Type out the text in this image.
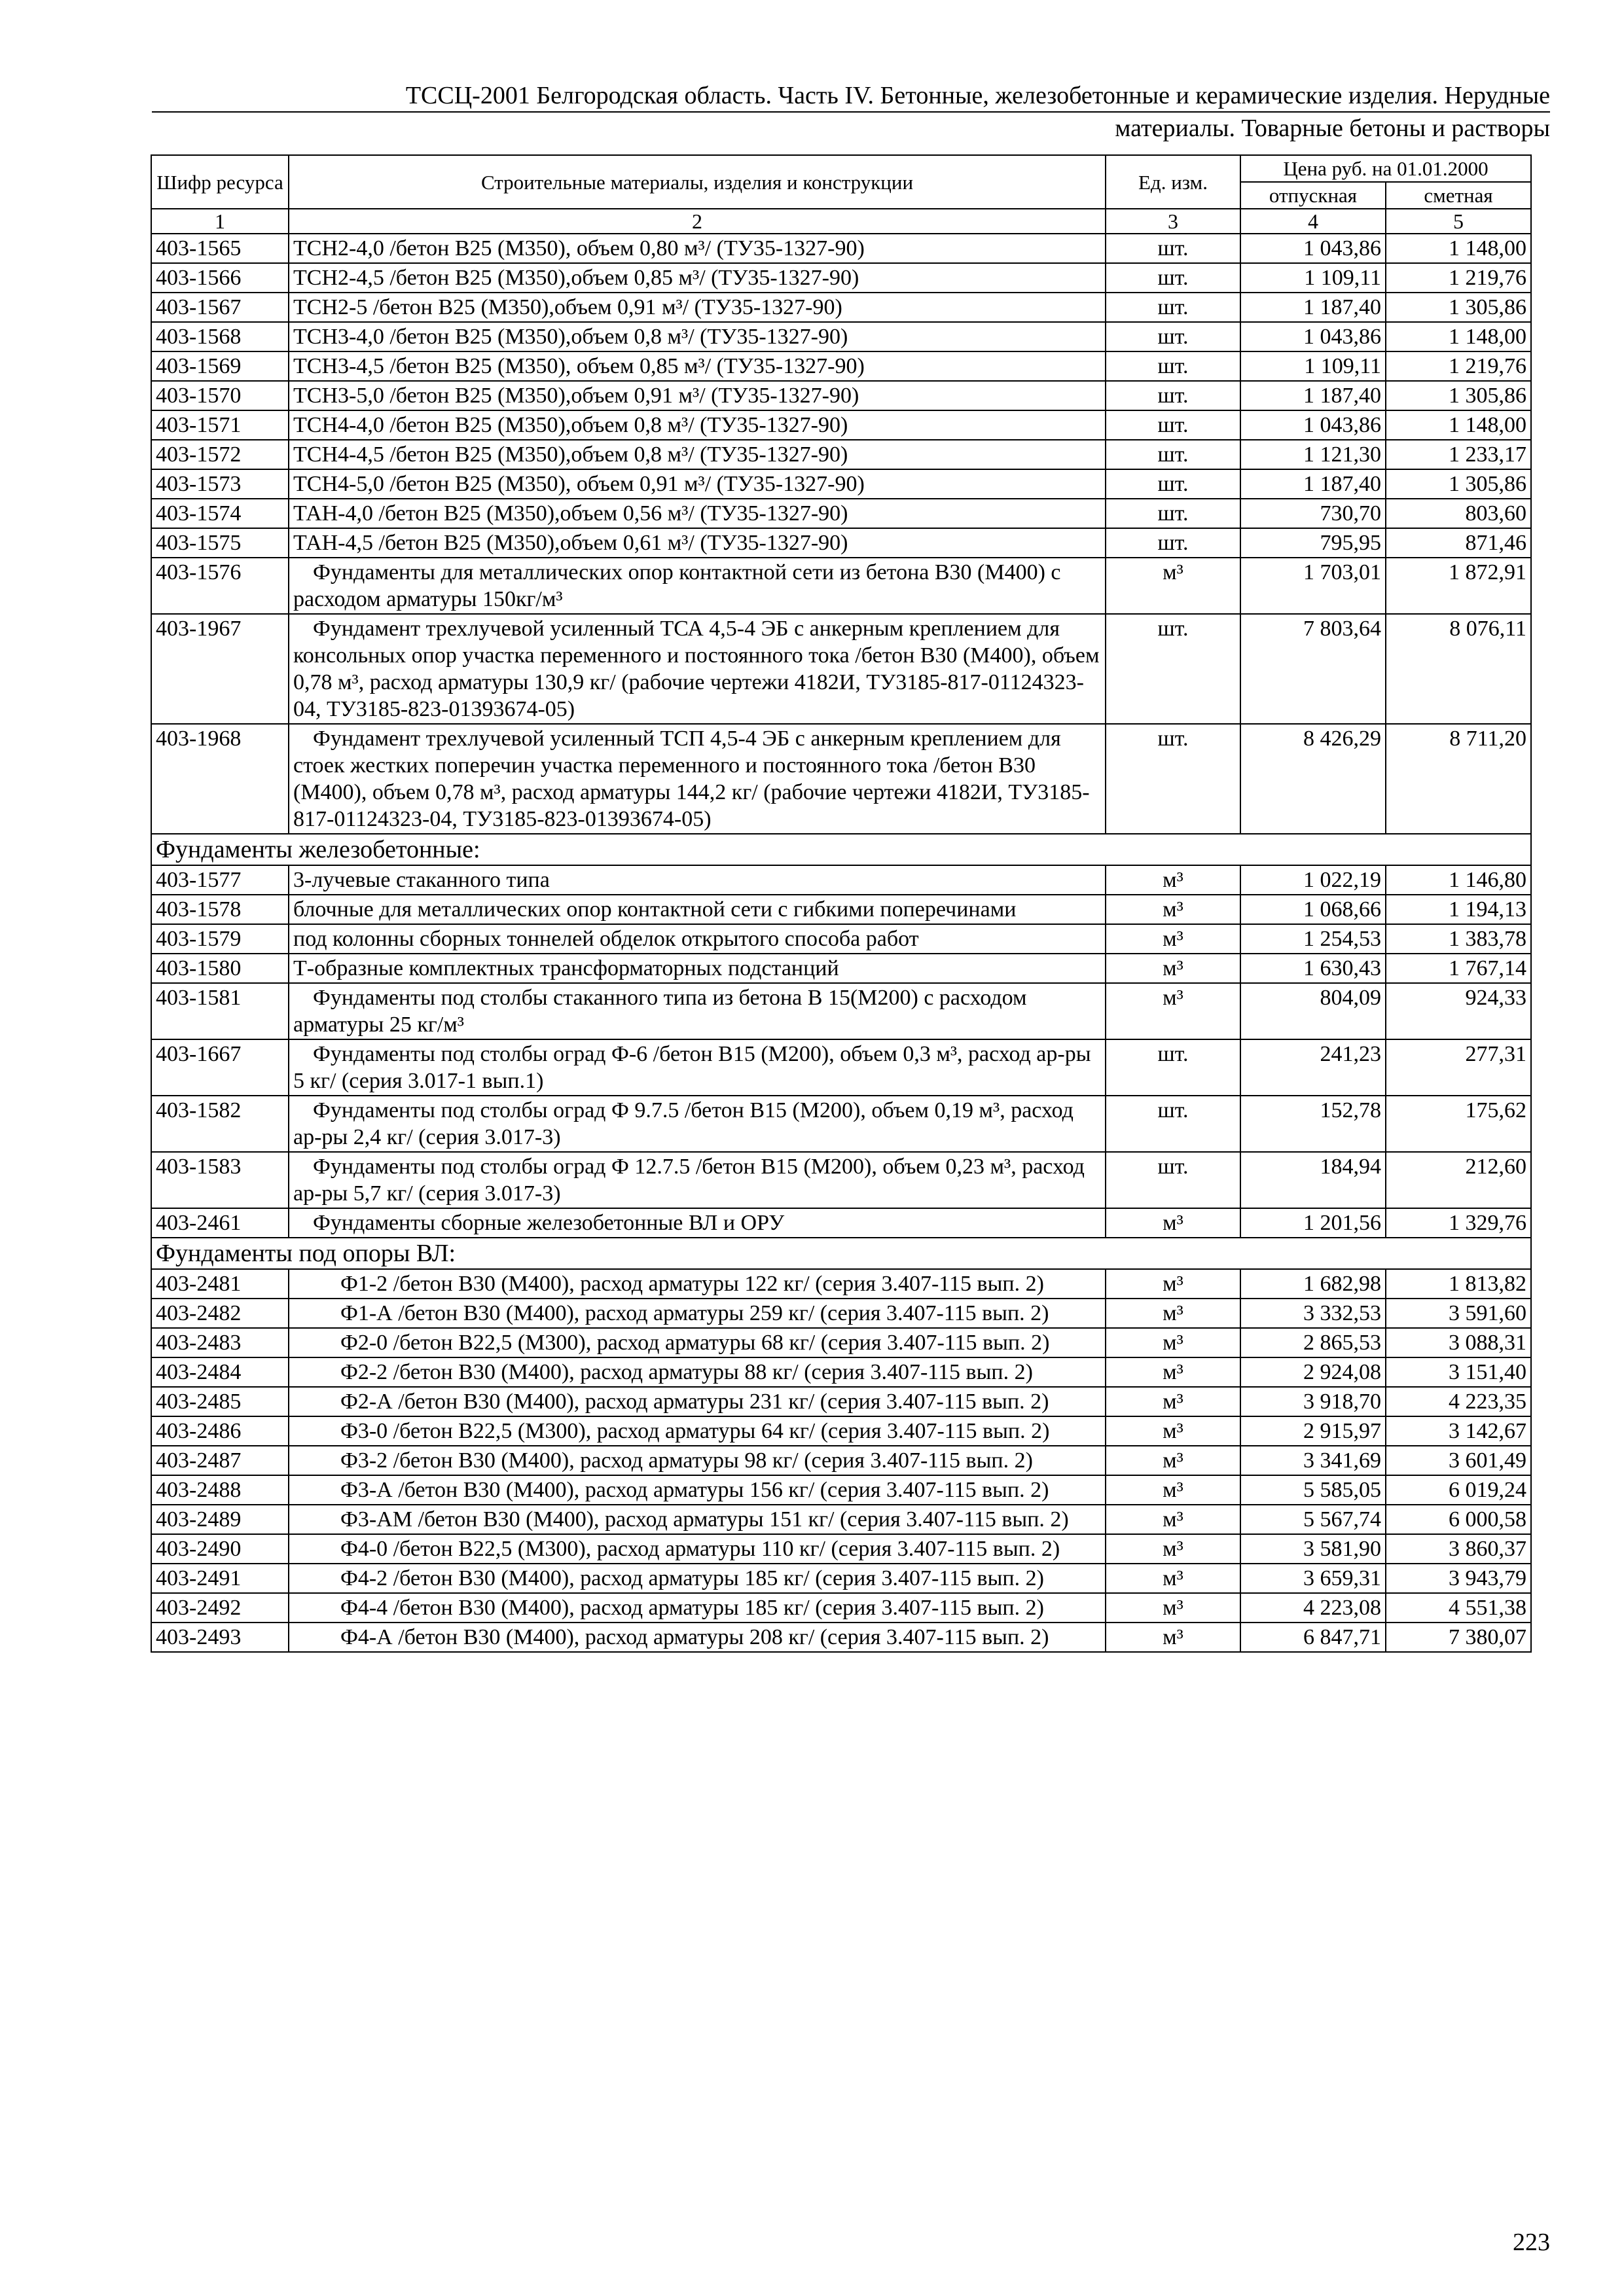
ТССЦ-2001 Белгородская область. Часть IV. Бетонные, железобетонные и керамические изделия. Нерудные
материалы. Товарные бетоны и растворы
Шифр ресурса	Строительные материалы, изделия и конструкции	Ед. изм.	Цена руб. на 01.01.2000	
			отпускная	сметная
1	2	3	4	5
403-1565	ТСН2-4,0 /бетон В25 (М350), объем 0,80 м³/ (ТУ35-1327-90)	шт.	1 043,86	1 148,00
403-1566	ТСН2-4,5 /бетон В25 (М350),объем 0,85 м³/ (ТУ35-1327-90)	шт.	1 109,11	1 219,76
403-1567	ТСН2-5 /бетон В25 (М350),объем 0,91 м³/ (ТУ35-1327-90)	шт.	1 187,40	1 305,86
403-1568	ТСН3-4,0 /бетон В25 (М350),объем 0,8 м³/ (ТУ35-1327-90)	шт.	1 043,86	1 148,00
403-1569	ТСН3-4,5 /бетон В25 (М350), объем 0,85 м³/ (ТУ35-1327-90)	шт.	1 109,11	1 219,76
403-1570	ТСН3-5,0 /бетон В25 (М350),объем 0,91 м³/ (ТУ35-1327-90)	шт.	1 187,40	1 305,86
403-1571	ТСН4-4,0 /бетон В25 (М350),объем 0,8 м³/ (ТУ35-1327-90)	шт.	1 043,86	1 148,00
403-1572	ТСН4-4,5 /бетон В25 (М350),объем 0,8 м³/ (ТУ35-1327-90)	шт.	1 121,30	1 233,17
403-1573	ТСН4-5,0 /бетон В25 (М350), объем 0,91 м³/ (ТУ35-1327-90)	шт.	1 187,40	1 305,86
403-1574	ТАН-4,0 /бетон В25 (М350),объем 0,56 м³/ (ТУ35-1327-90)	шт.	730,70	803,60
403-1575	ТАН-4,5 /бетон В25 (М350),объем 0,61 м³/ (ТУ35-1327-90)	шт.	795,95	871,46
403-1576	Фундаменты для металлических опор контактной сети из бетона В30 (М400) с расходом арматуры 150кг/м³	м³	1 703,01	1 872,91
403-1967	Фундамент трехлучевой усиленный ТСА 4,5-4 ЭБ с анкерным креплением для консольных опор участка переменного и постоянного тока /бетон В30 (М400), объем 0,78 м³, расход арматуры 130,9 кг/ (рабочие чертежи 4182И, ТУ3185-817-01124323-04, ТУ3185-823-01393674-05)	шт.	7 803,64	8 076,11
403-1968	Фундамент трехлучевой усиленный ТСП 4,5-4 ЭБ с анкерным креплением для стоек жестких поперечин участка переменного и постоянного тока /бетон В30 (М400), объем 0,78 м³, расход арматуры 144,2 кг/ (рабочие чертежи 4182И, ТУ3185-817-01124323-04, ТУ3185-823-01393674-05)	шт.	8 426,29	8 711,20
Фундаменты железобетонные:				
403-1577	3-лучевые стаканного типа	м³	1 022,19	1 146,80
403-1578	блочные для металлических опор контактной сети с гибкими поперечинами	м³	1 068,66	1 194,13
403-1579	под колонны сборных тоннелей обделок открытого способа работ	м³	1 254,53	1 383,78
403-1580	Т-образные комплектных трансформаторных подстанций	м³	1 630,43	1 767,14
403-1581	Фундаменты под столбы стаканного типа из бетона В 15(М200) с расходом арматуры 25 кг/м³	м³	804,09	924,33
403-1667	Фундаменты под столбы оград Ф-6 /бетон В15 (М200), объем 0,3 м³, расход ар-ры 5 кг/ (серия 3.017-1 вып.1)	шт.	241,23	277,31
403-1582	Фундаменты под столбы оград Ф 9.7.5 /бетон В15 (М200), объем 0,19 м³, расход ар-ры 2,4 кг/ (серия 3.017-3)	шт.	152,78	175,62
403-1583	Фундаменты под столбы оград Ф 12.7.5 /бетон В15 (М200), объем 0,23 м³, расход ар-ры 5,7 кг/ (серия 3.017-3)	шт.	184,94	212,60
403-2461	Фундаменты сборные железобетонные ВЛ и ОРУ	м³	1 201,56	1 329,76
Фундаменты под опоры ВЛ:				
403-2481	Ф1-2 /бетон В30 (М400), расход арматуры 122 кг/ (серия 3.407-115 вып. 2)	м³	1 682,98	1 813,82
403-2482	Ф1-А /бетон В30 (М400), расход арматуры 259 кг/ (серия 3.407-115 вып. 2)	м³	3 332,53	3 591,60
403-2483	Ф2-0 /бетон В22,5 (М300), расход арматуры 68 кг/ (серия 3.407-115 вып. 2)	м³	2 865,53	3 088,31
403-2484	Ф2-2 /бетон В30 (М400), расход арматуры 88 кг/ (серия 3.407-115 вып. 2)	м³	2 924,08	3 151,40
403-2485	Ф2-А /бетон В30 (М400), расход арматуры 231 кг/ (серия 3.407-115 вып. 2)	м³	3 918,70	4 223,35
403-2486	Ф3-0 /бетон В22,5 (М300), расход арматуры 64 кг/ (серия 3.407-115 вып. 2)	м³	2 915,97	3 142,67
403-2487	Ф3-2 /бетон В30 (М400), расход арматуры 98 кг/ (серия 3.407-115 вып. 2)	м³	3 341,69	3 601,49
403-2488	Ф3-А /бетон В30 (М400), расход арматуры 156 кг/ (серия 3.407-115 вып. 2)	м³	5 585,05	6 019,24
403-2489	Ф3-АМ /бетон В30 (М400), расход арматуры 151 кг/ (серия 3.407-115 вып. 2)	м³	5 567,74	6 000,58
403-2490	Ф4-0 /бетон В22,5 (М300), расход арматуры 110 кг/ (серия 3.407-115 вып. 2)	м³	3 581,90	3 860,37
403-2491	Ф4-2 /бетон В30 (М400), расход арматуры 185 кг/ (серия 3.407-115 вып. 2)	м³	3 659,31	3 943,79
403-2492	Ф4-4 /бетон В30 (М400), расход арматуры 185 кг/ (серия 3.407-115 вып. 2)	м³	4 223,08	4 551,38
403-2493	Ф4-А /бетон В30 (М400), расход арматуры 208 кг/ (серия 3.407-115 вып. 2)	м³	6 847,71	7 380,07
223
